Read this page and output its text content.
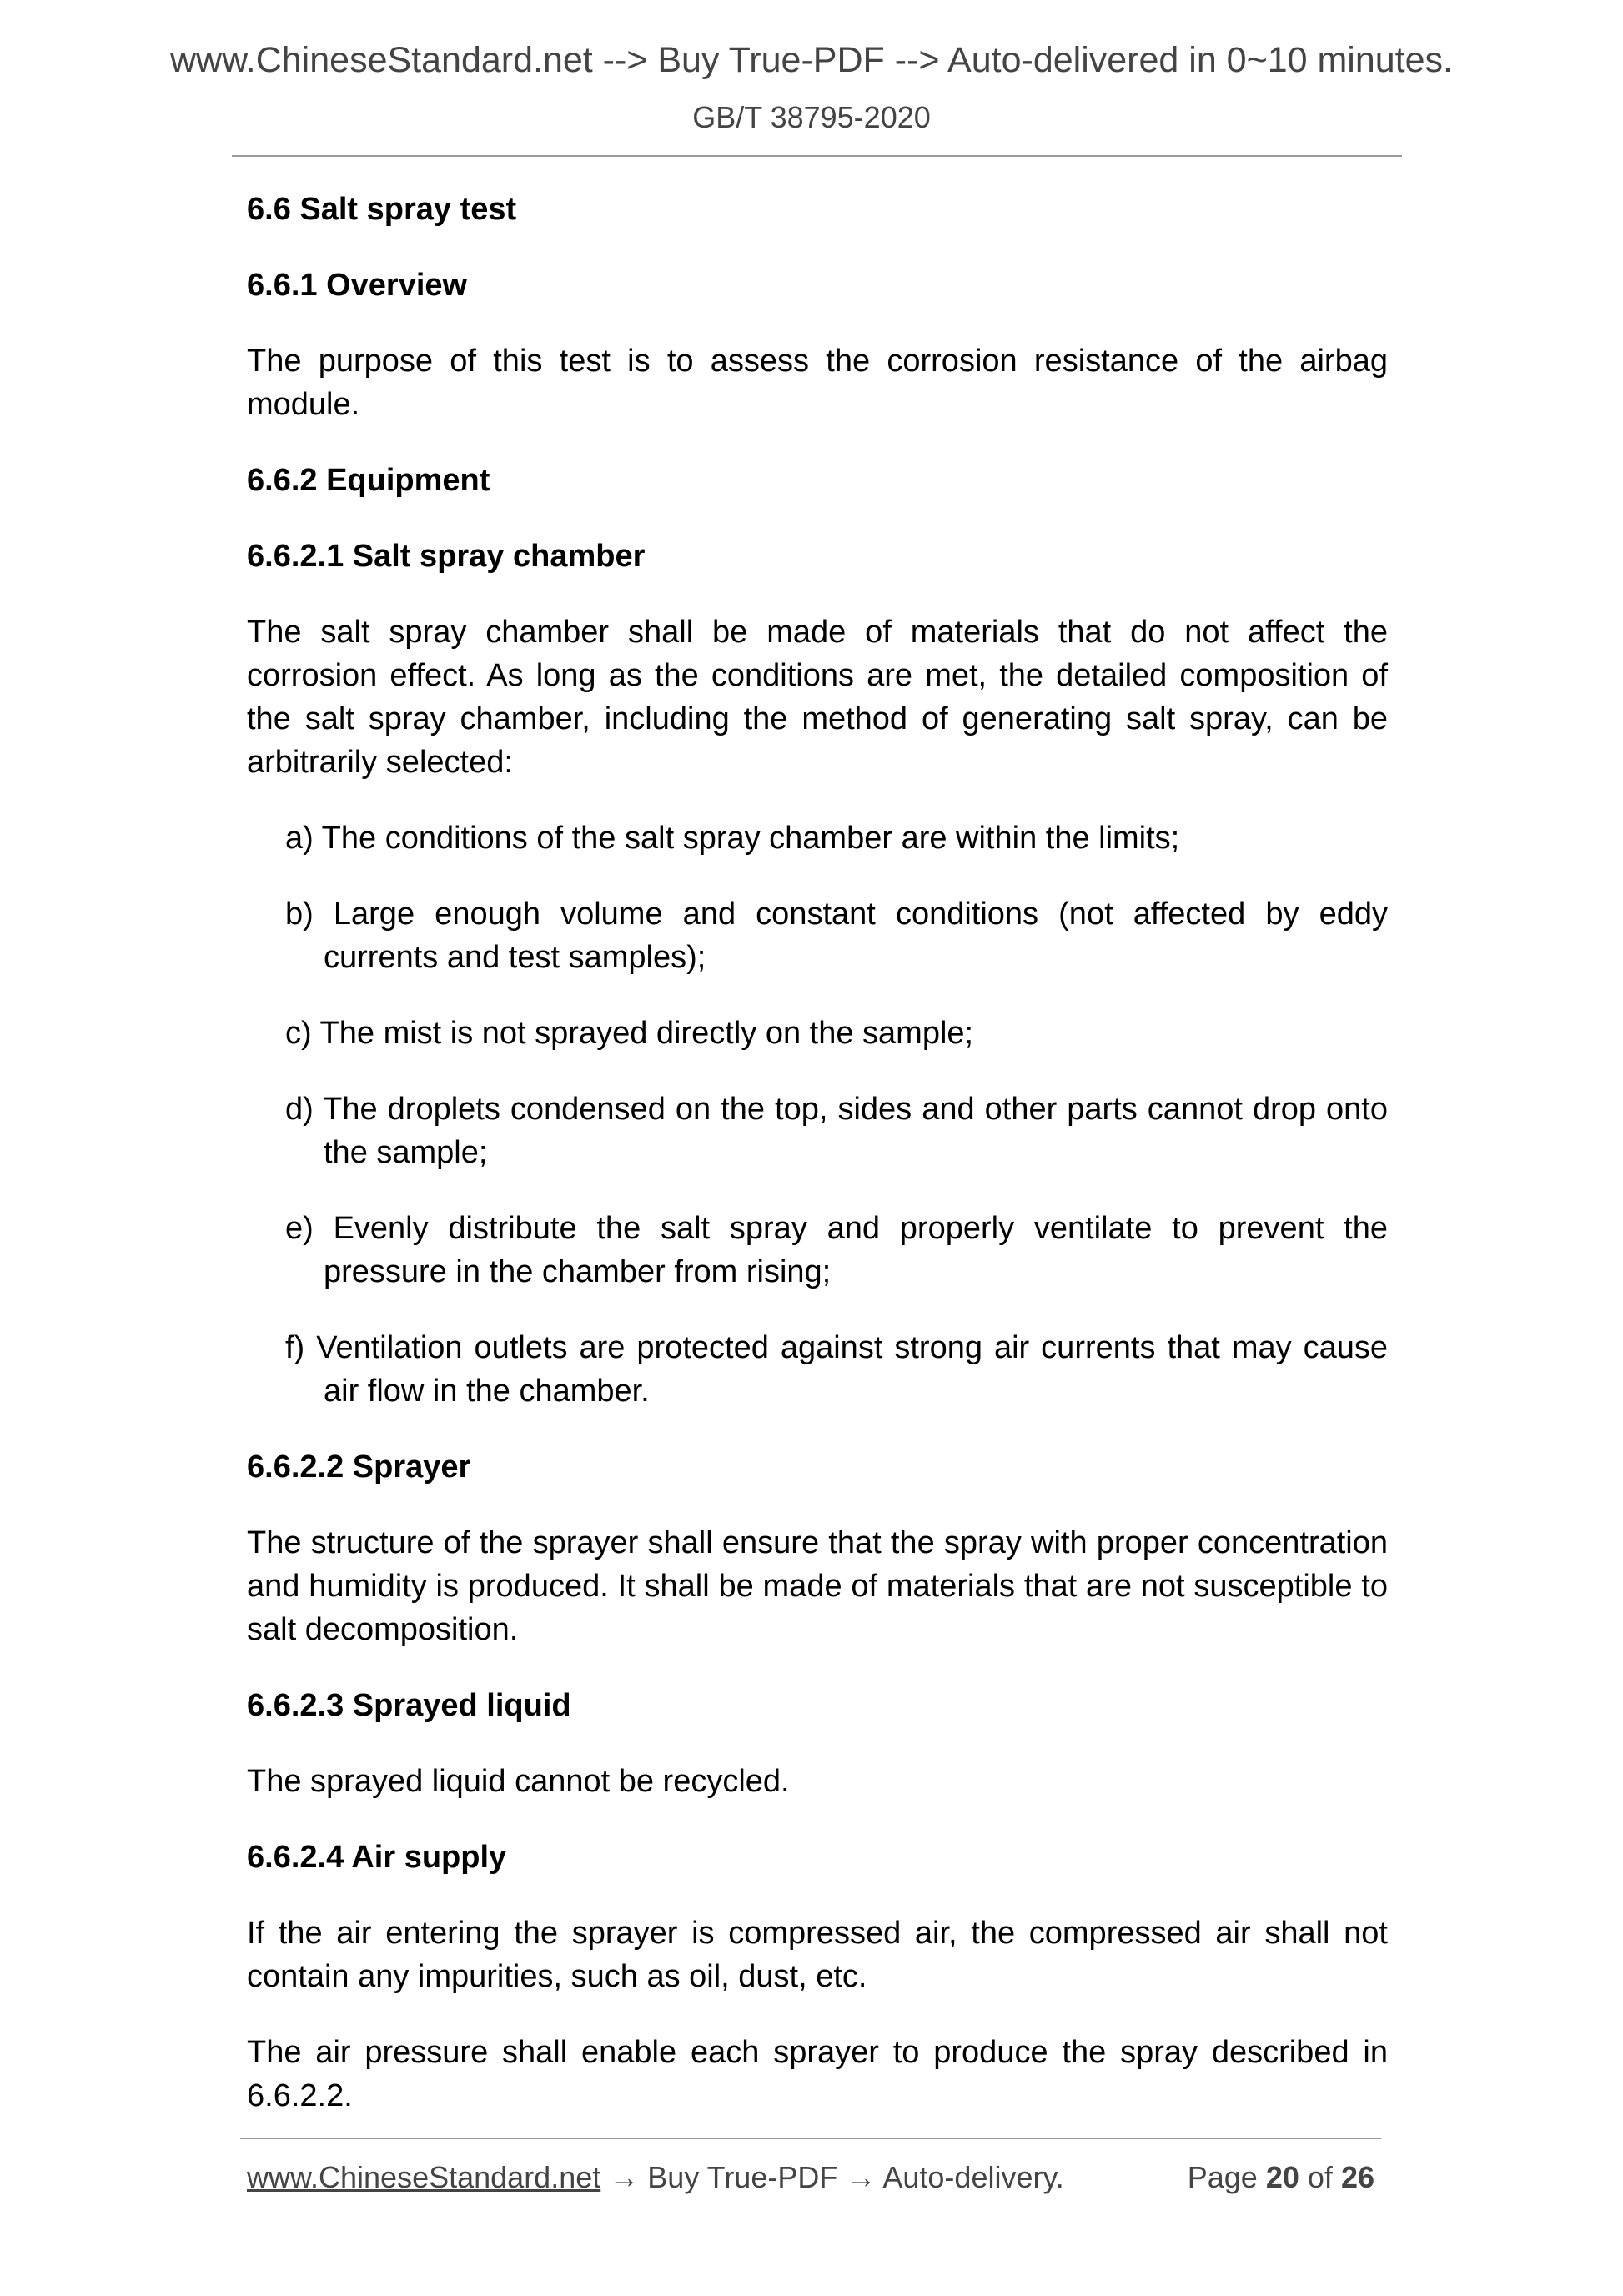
www.ChineseStandard.net --> Buy True-PDF --> Auto-delivered in 0~10 minutes.
GB/T 38795-2020
6.6 Salt spray test
6.6.1 Overview

The purpose of this test is to assess the corrosion resistance of the airbag module.

6.6.2 Equipment
6.6.2.1 Salt spray chamber

The salt spray chamber shall be made of materials that do not affect the corrosion effect. As long as the conditions are met, the detailed composition of the salt spray chamber, including the method of generating salt spray, can be arbitrarily selected:

a) The conditions of the salt spray chamber are within the limits;
b) Large enough volume and constant conditions (not affected by eddy currents and test samples);
c) The mist is not sprayed directly on the sample;
d) The droplets condensed on the top, sides and other parts cannot drop onto the sample;
e) Evenly distribute the salt spray and properly ventilate to prevent the pressure in the chamber from rising;
f) Ventilation outlets are protected against strong air currents that may cause air flow in the chamber.
6.6.2.2 Sprayer

The structure of the sprayer shall ensure that the spray with proper concentration and humidity is produced. It shall be made of materials that are not susceptible to salt decomposition.

6.6.2.3 Sprayed liquid

The sprayed liquid cannot be recycled.

6.6.2.4 Air supply

If the air entering the sprayer is compressed air, the compressed air shall not contain any impurities, such as oil, dust, etc.

The air pressure shall enable each sprayer to produce the spray described in 6.6.2.2.

www.ChineseStandard.net → Buy True-PDF → Auto-delivery.	Page 20 of 26
